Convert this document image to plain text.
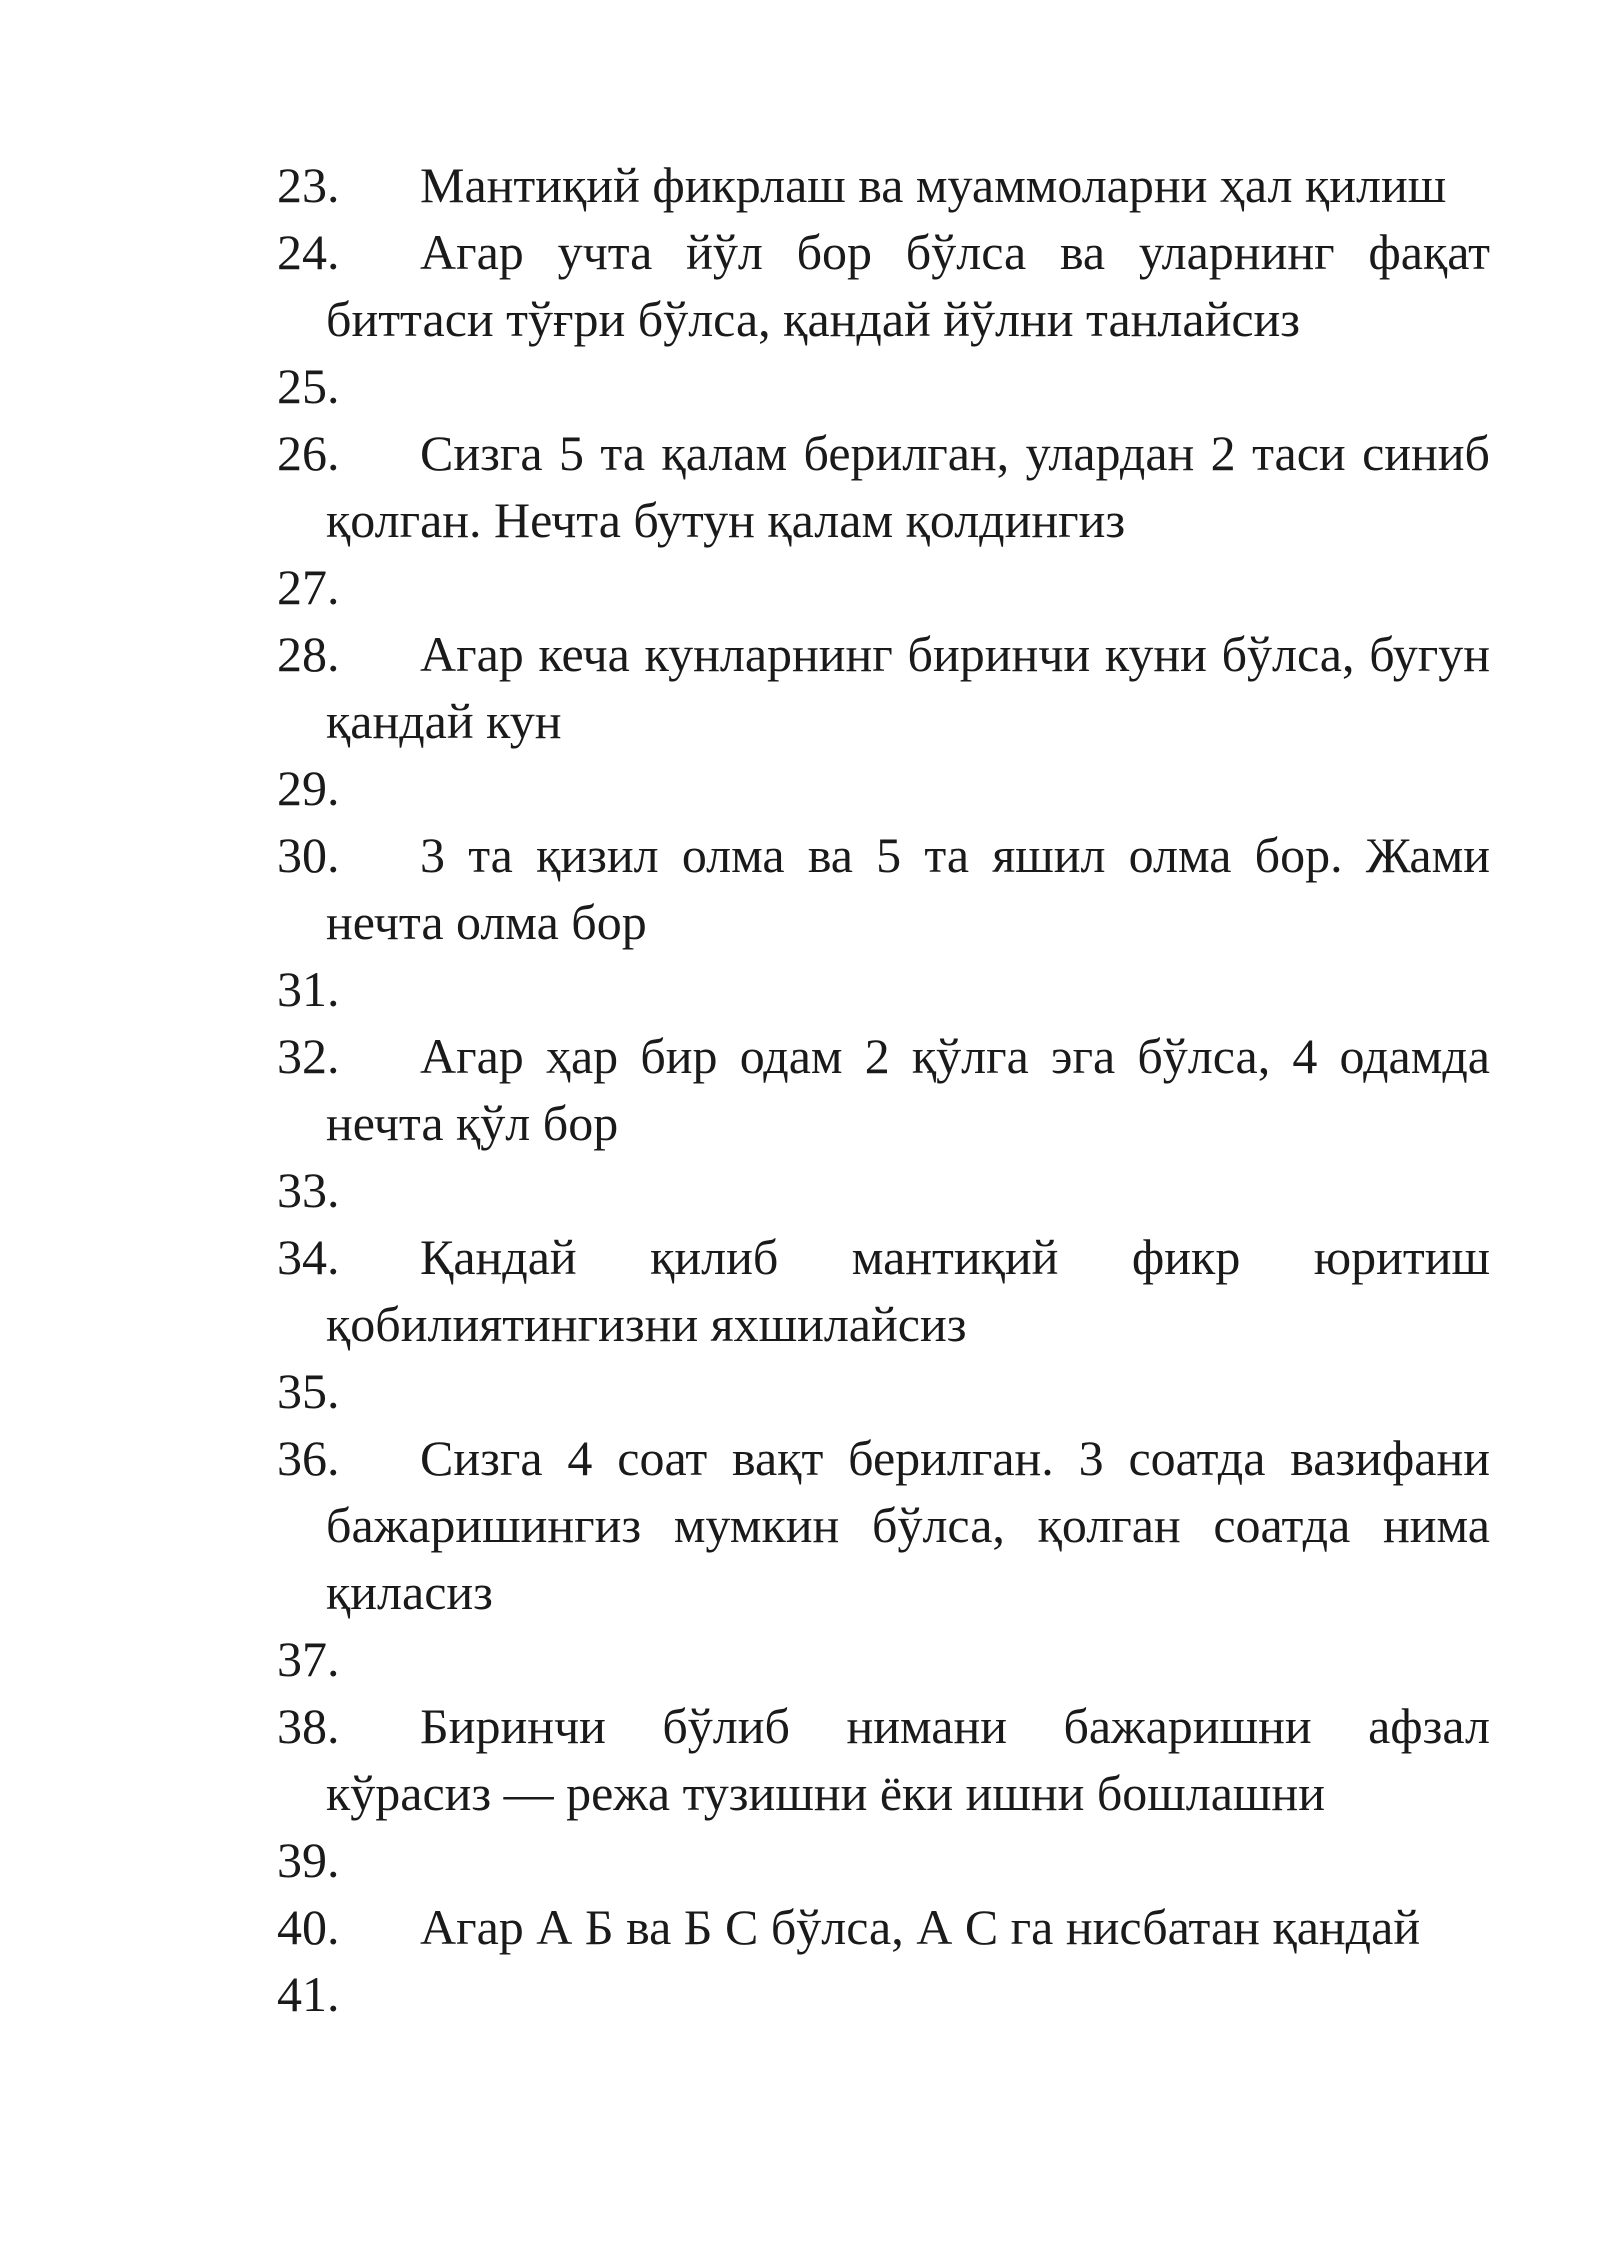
23.	Мантиқий фикрлаш ва муаммоларни ҳал қилиш
24.	Агар учта йўл бор бўлса ва уларнинг фақат биттаси тўғри бўлса, қандай йўлни танлайсиз
25.
26.	Сизга 5 та қалам берилган, улардан 2 таси синиб қолган. Нечта бутун қалам қолдингиз
27.
28.	Агар кеча кунларнинг биринчи куни бўлса, бугун қандай кун
29.
30.	3 та қизил олма ва 5 та яшил олма бор. Жами нечта олма бор
31.
32.	Агар ҳар бир одам 2 қўлга эга бўлса, 4 одамда нечта қўл бор
33.
34.	Қандай қилиб мантиқий фикр юритиш қобилиятингизни яхшилайсиз
35.
36.	Сизга 4 соат вақт берилган. 3 соатда вазифани бажаришингиз мумкин бўлса, қолган соатда нима қиласиз
37.
38.	Биринчи бўлиб нимани бажаришни афзал кўрасиз — режа тузишни ёки ишни бошлашни
39.
40.	Агар А Б ва Б С бўлса, А С га нисбатан қандай
41.
